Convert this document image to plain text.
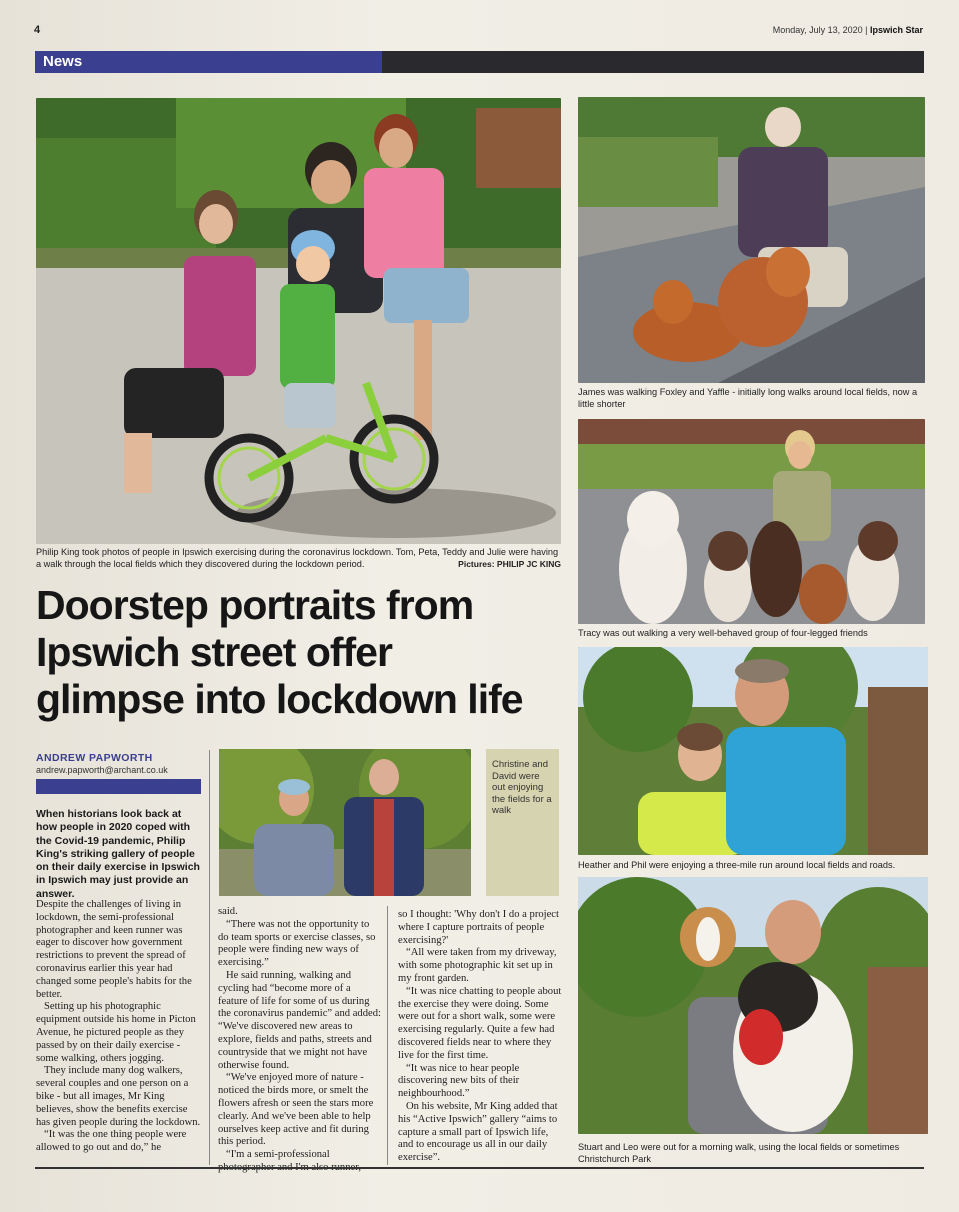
4	Monday, July 13, 2020 | Ipswich Star
News
Philip King took photos of people in Ipswich exercising during the coronavirus lockdown. Tom, Peta, Teddy and Julie were having a walk through the local fields which they discovered during the lockdown period.	Pictures: PHILIP JC KING
James was walking Foxley and Yaffle - initially long walks around local fields, now a little shorter
Tracy was out walking a very well-behaved group of four-legged friends
Heather and Phil were enjoying a three-mile run around local fields and roads.
Stuart and Leo were out for a morning walk, using the local fields or sometimes Christchurch Park
Doorstep portraits from
Ipswich street offer
glimpse into lockdown life
ANDREW PAPWORTH
andrew.papworth@archant.co.uk
When historians look back at how people in 2020 coped with the Covid-19 pandemic, Philip King's striking gallery of people on their daily exercise in Ipswich in Ipswich may just provide an answer.
Christine and David were out enjoying the fields for a walk

Despite the challenges of living in lockdown, the semi-professional photographer and keen runner was eager to discover how government restrictions to prevent the spread of coronavirus earlier this year had changed some people's habits for the better.

Setting up his photographic equipment outside his home in Picton Avenue, he pictured people as they passed by on their daily exercise - some walking, others jogging.

They include many dog walkers, several couples and one person on a bike - but all images, Mr King believes, show the benefits exercise has given people during the lockdown.

“It was the one thing people were allowed to go out and do,” he

said.

“There was not the opportunity to do team sports or exercise classes, so people were finding new ways of exercising.”

He said running, walking and cycling had “become more of a feature of life for some of us during the coronavirus pandemic” and added: “We've discovered new areas to explore, fields and paths, streets and countryside that we might not have otherwise found.

“We've enjoyed more of nature - noticed the birds more, or smelt the flowers afresh or seen the stars more clearly. And we've been able to help ourselves keep active and fit during this period.

“I'm a semi-professional

so I thought: 'Why don't I do a project where I capture portraits of people exercising?'

“All were taken from my driveway, with some photographic kit set up in my front garden.

“It was nice chatting to people about the exercise they were doing. Some were out for a short walk, some were exercising regularly. Quite a few had discovered fields near to where they live for the first time.

“It was nice to hear people discovering new bits of their neighbourhood.”

On his website, Mr King added that his “Active Ipswich” gallery “aims to capture a small part of Ipswich life, and to encourage us all in our daily exercise”.
